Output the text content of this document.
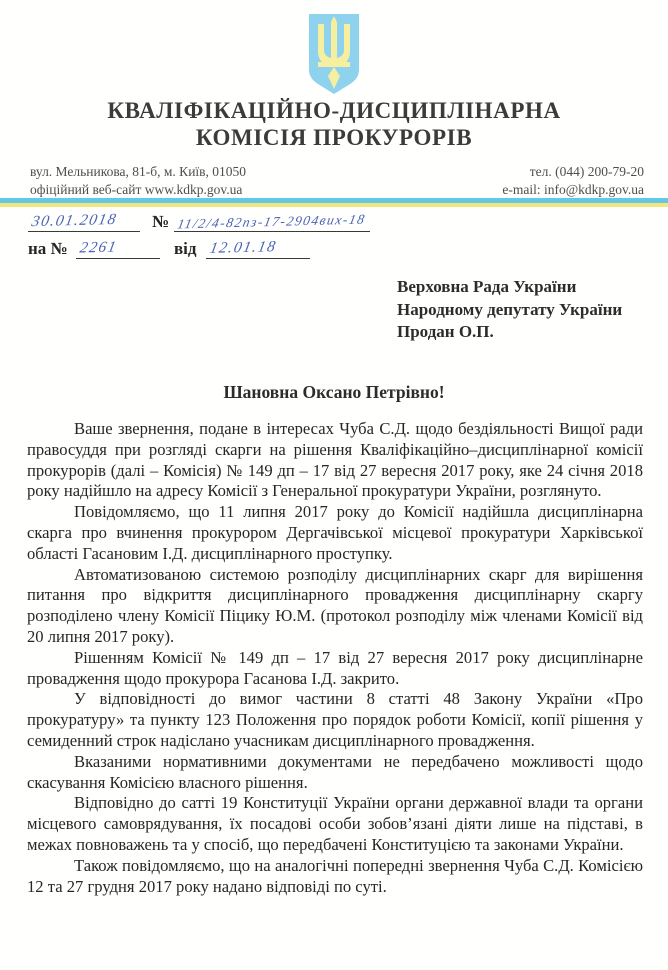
КВАЛІФІКАЦІЙНО-ДИСЦИПЛІНАРНА
КОМІСІЯ ПРОКУРОРІВ
вул. Мельникова, 81-б, м. Київ, 01050
офіційний веб-сайт www.kdkp.gov.ua
тел. (044) 200-79-20
e-mail: info@kdkp.gov.ua
30.01.2018 № 11/2/4-82пз-17-2904вих-18
на № 2261	від 12.01.18
Верховна Рада України
Народному депутату України
Продан О.П.
Шановна Оксано Петрівно!

Ваше звернення, подане в інтересах Чуба С.Д. щодо бездіяльності Вищої ради правосуддя при розгляді скарги на рішення Кваліфікаційно–дисциплінарної комісії прокурорів (далі – Комісія) № 149 дп – 17 від 27 вересня 2017 року, яке 24 січня 2018 року надійшло на адресу Комісії з Генеральної прокуратури України, розглянуто.

Повідомляємо, що 11 липня 2017 року до Комісії надійшла дисциплінарна скарга про вчинення прокурором Дергачівської місцевої прокуратури Харківської області Гасановим І.Д. дисциплінарного проступку.

Автоматизованою системою розподілу дисциплінарних скарг для вирішення питання про відкриття дисциплінарного провадження дисциплінарну скаргу розподілено члену Комісії Піцику Ю.М. (протокол розподілу між членами Комісії від 20 липня 2017 року).

Рішенням Комісії № 149 дп – 17 від 27 вересня 2017 року дисциплінарне провадження щодо прокурора Гасанова І.Д. закрито.

У відповідності до вимог частини 8 статті 48 Закону України «Про прокуратуру» та пункту 123 Положення про порядок роботи Комісії, копії рішення у семиденний строк надіслано учасникам дисциплінарного провадження.

Вказаними нормативними документами не передбачено можливості щодо скасування Комісією власного рішення.

Відповідно до сатті 19 Конституції України органи державної влади та органи місцевого самоврядування, їх посадові особи зобов’язані діяти лише на підставі, в межах повноважень та у спосіб, що передбачені Конституцією та законами України.

Також повідомляємо, що на аналогічні попередні звернення Чуба С.Д. Комісією 12 та 27 грудня 2017 року надано відповіді по суті.
